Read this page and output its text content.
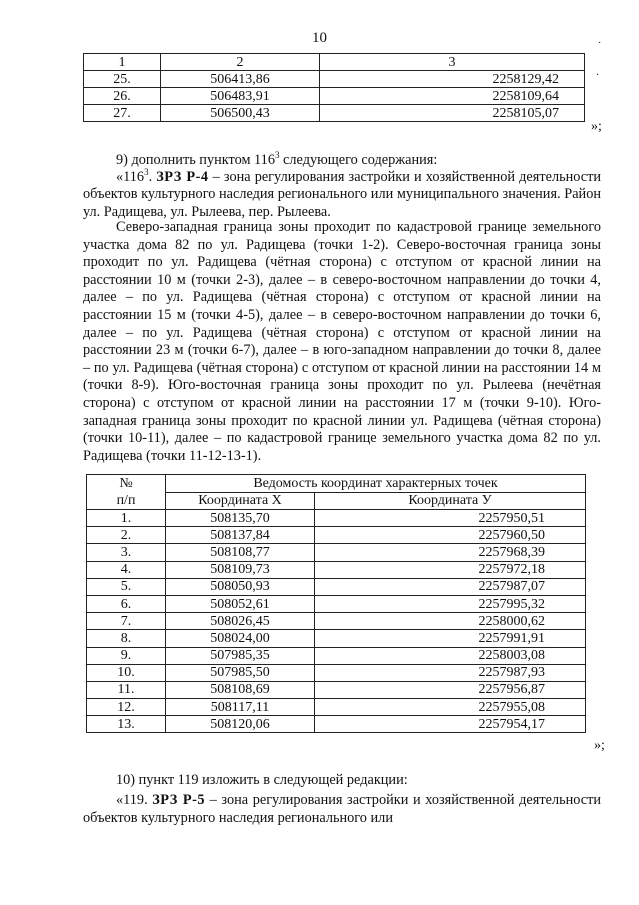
10	·
·
1	2	3
25.	506413,86	2258129,42
26.	506483,91	2258109,64
27.	506500,43	2258105,07
»;
9) дополнить пунктом $116^3$ следующего содержания:
«$116^3$. ЗРЗ Р-4 – зона регулирования застройки и хозяйственной деятельности объектов культурного наследия регионального или муниципального значения. Район ул. Радищева, ул. Рылеева, пер. Рылеева.
Северо-западная граница зоны проходит по кадастровой границе земельного участка дома 82 по ул. Радищева (точки 1-2). Северо-восточная граница зоны проходит по ул. Радищева (чётная сторона) с отступом от красной линии на расстоянии 10 м (точки 2-3), далее – в северо-восточном направлении до точки 4, далее – по ул. Радищева (чётная сторона) с отступом от красной линии на расстоянии 15 м (точки 4-5), далее – в северо-восточном направлении до точки 6, далее – по ул. Радищева (чётная сторона) с отступом от красной линии на расстоянии 23 м (точки 6-7), далее – в юго-западном направлении до точки 8, далее – по ул. Радищева (чётная сторона) с отступом от красной линии на расстоянии 14 м (точки 8-9). Юго-восточная граница зоны проходит по ул. Рылеева (нечётная сторона) с отступом от красной линии на расстоянии 17 м (точки 9-10). Юго-западная граница зоны проходит по красной линии ул. Радищева (чётная сторона) (точки 10-11), далее – по кадастровой границе земельного участка дома 82 по ул. Радищева (точки 11-12-13-1).
№
п/п	Ведомость координат характерных точек	
	Координата X	Координата У
1.	508135,70	2257950,51
2.	508137,84	2257960,50
3.	508108,77	2257968,39
4.	508109,73	2257972,18
5.	508050,93	2257987,07
6.	508052,61	2257995,32
7.	508026,45	2258000,62
8.	508024,00	2257991,91
9.	507985,35	2258003,08
10.	507985,50	2257987,93
11.	508108,69	2257956,87
12.	508117,11	2257955,08
13.	508120,06	2257954,17
»;
10) пункт 119 изложить в следующей редакции:
«119. ЗРЗ Р-5 – зона регулирования застройки и хозяйственной деятельности объектов культурного наследия регионального или
